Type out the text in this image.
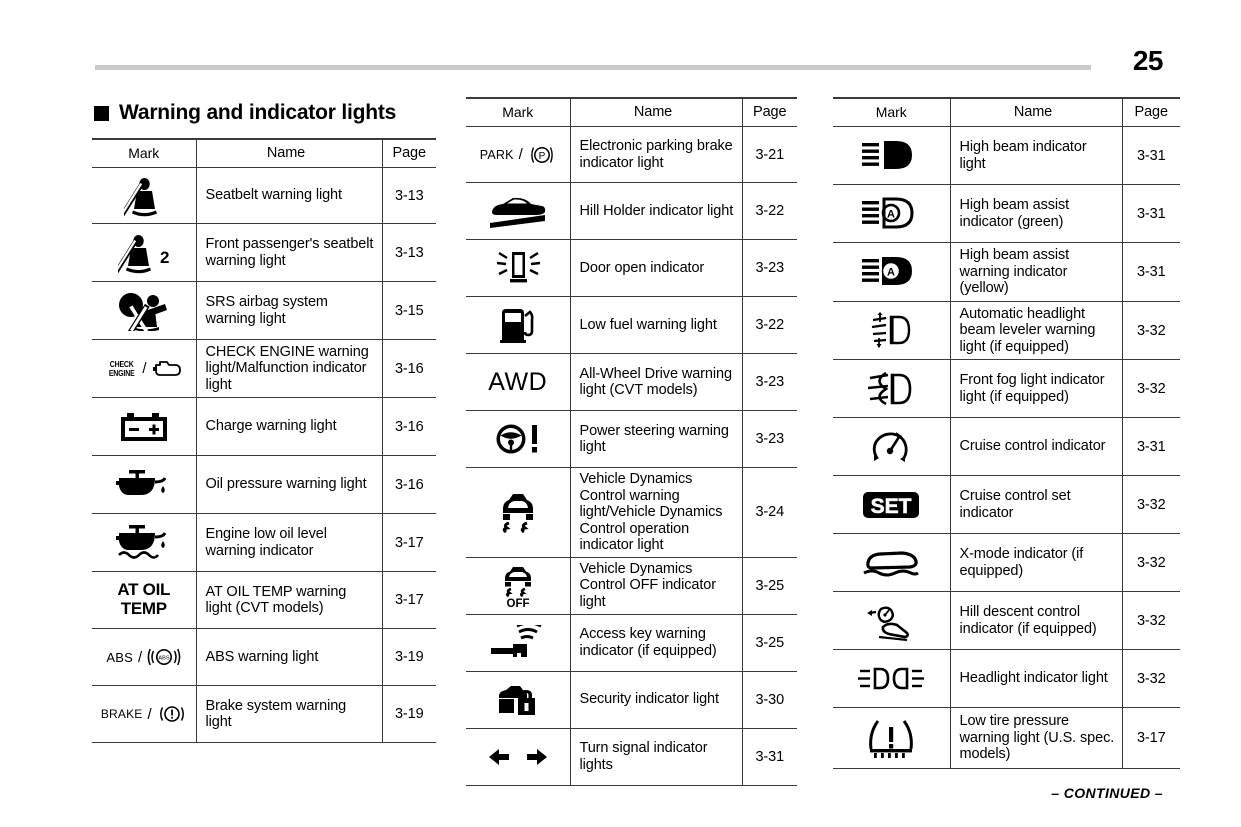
25
Warning and indicator lights
Mark	Name	Page

	Seatbelt warning light	3-13

2	Front passenger's seatbelt warning light	3-13

	SRS airbag system warning light	3-15

CHECK
ENGINE /	CHECK ENGINE warning light/Malfunction indicator light	3-16

	Charge warning light	3-16

	Oil pressure warning light	3-16

	Engine low oil level warning indicator	3-17
AT OIL
TEMP	AT OIL TEMP warning light (CVT models)	3-17

ABS / ABS	ABS warning light	3-19

BRAKE /	Brake system warning light	3-19
Mark	Name	Page

PARK / P	Electronic parking brake indicator light	3-21

	Hill Holder indicator light	3-22

	Door open indicator	3-23

	Low fuel warning light	3-22
AWD	All-Wheel Drive warning light (CVT models)	3-23

	Power steering warning light	3-23

	Vehicle Dynamics Control warning light/Vehicle Dynamics Control operation indicator light	3-24

OFF	Vehicle Dynamics Control OFF indicator light	3-25

	Access key warning indicator (if equipped)	3-25

	Security indicator light	3-30

	Turn signal indicator lights	3-31
Mark	Name	Page

	High beam indicator light	3-31

A	High beam assist indicator (green)	3-31

A	High beam assist warning indicator (yellow)	3-31

	Automatic headlight beam leveler warning light (if equipped)	3-32

	Front fog light indicator light (if equipped)	3-32

	Cruise control indicator	3-31

SET	Cruise control set indicator	3-32

	X-mode indicator (if equipped)	3-32

	Hill descent control indicator (if equipped)	3-32

	Headlight indicator light	3-32

	Low tire pressure warning light (U.S. spec. models)	3-17
– CONTINUED –
